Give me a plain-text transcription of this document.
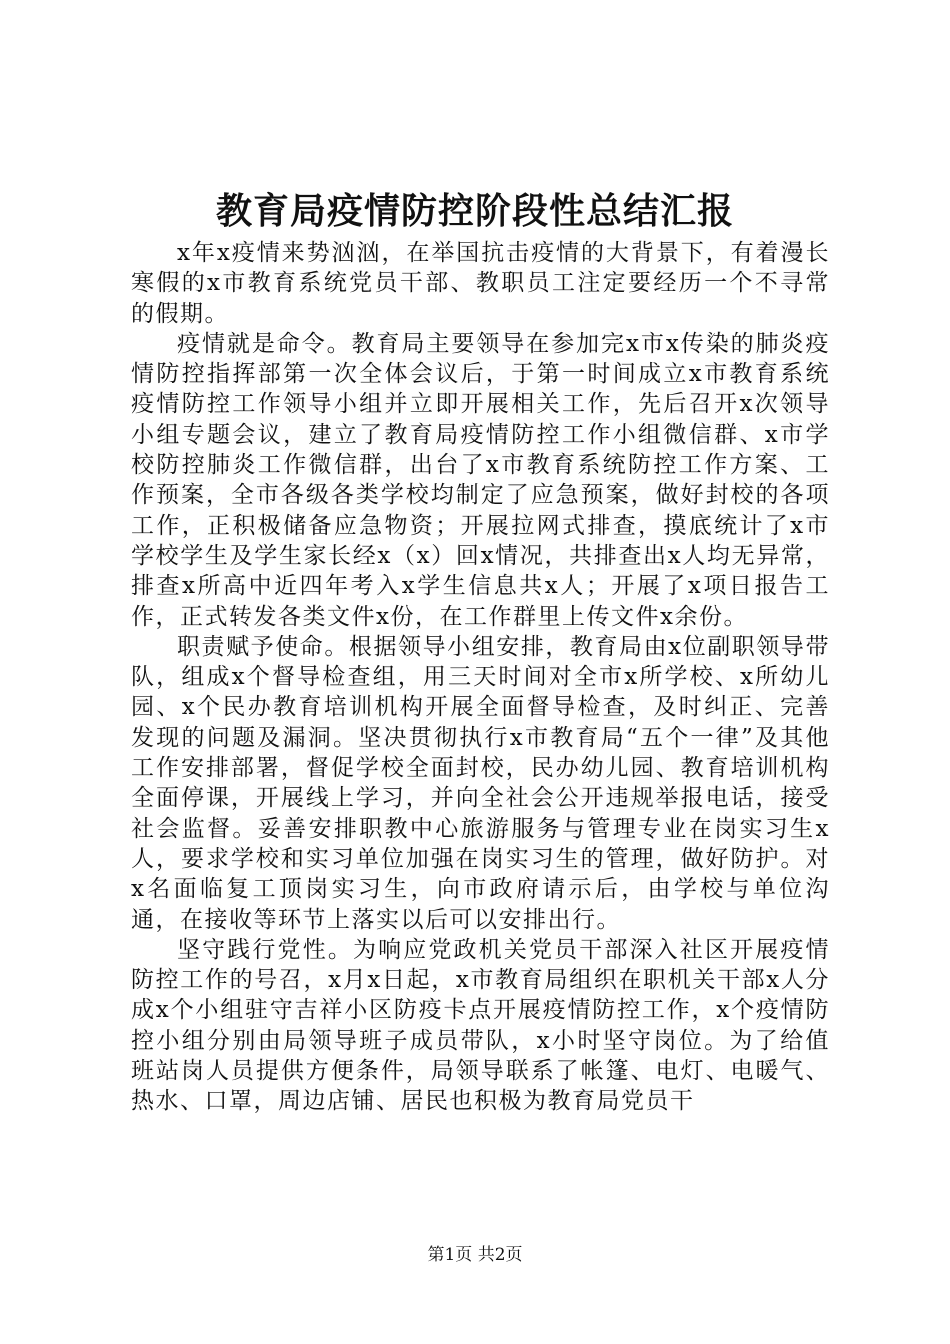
教育局疫情防控阶段性总结汇报

x年x疫情来势汹汹，在举国抗击疫情的大背景下，有着漫长寒假的x市教育系统党员干部、教职员工注定要经历一个不寻常的假期。

疫情就是命令。教育局主要领导在参加完x市x传染的肺炎疫情防控指挥部第一次全体会议后，于第一时间成立x市教育系统疫情防控工作领导小组并立即开展相关工作，先后召开x次领导小组专题会议，建立了教育局疫情防控工作小组微信群、x市学校防控肺炎工作微信群，出台了x市教育系统防控工作方案、工作预案，全市各级各类学校均制定了应急预案，做好封校的各项工作，正积极储备应急物资；开展拉网式排查，摸底统计了x市学校学生及学生家长经x（x）回x情况，共排查出x人均无异常，排查x所高中近四年考入x学生信息共x人；开展了x项日报告工作，正式转发各类文件x份，在工作群里上传文件x余份。

职责赋予使命。根据领导小组安排，教育局由x位副职领导带队，组成x个督导检查组，用三天时间对全市x所学校、x所幼儿园、x个民办教育培训机构开展全面督导检查，及时纠正、完善发现的问题及漏洞。坚决贯彻执行x市教育局“五个一律”及其他工作安排部署，督促学校全面封校，民办幼儿园、教育培训机构全面停课，开展线上学习，并向全社会公开违规举报电话，接受社会监督。妥善安排职教中心旅游服务与管理专业在岗实习生x人，要求学校和实习单位加强在岗实习生的管理，做好防护。对x名面临复工顶岗实习生，向市政府请示后，由学校与单位沟通，在接收等环节上落实以后可以安排出行。

坚守践行党性。为响应党政机关党员干部深入社区开展疫情防控工作的号召，x月x日起，x市教育局组织在职机关干部x人分成x个小组驻守吉祥小区防疫卡点开展疫情防控工作，x个疫情防控小组分别由局领导班子成员带队，x小时坚守岗位。为了给值班站岗人员提供方便条件，局领导联系了帐篷、电灯、电暖气、热水、口罩，周边店铺、居民也积极为教育局党员干

第1页 共2页
